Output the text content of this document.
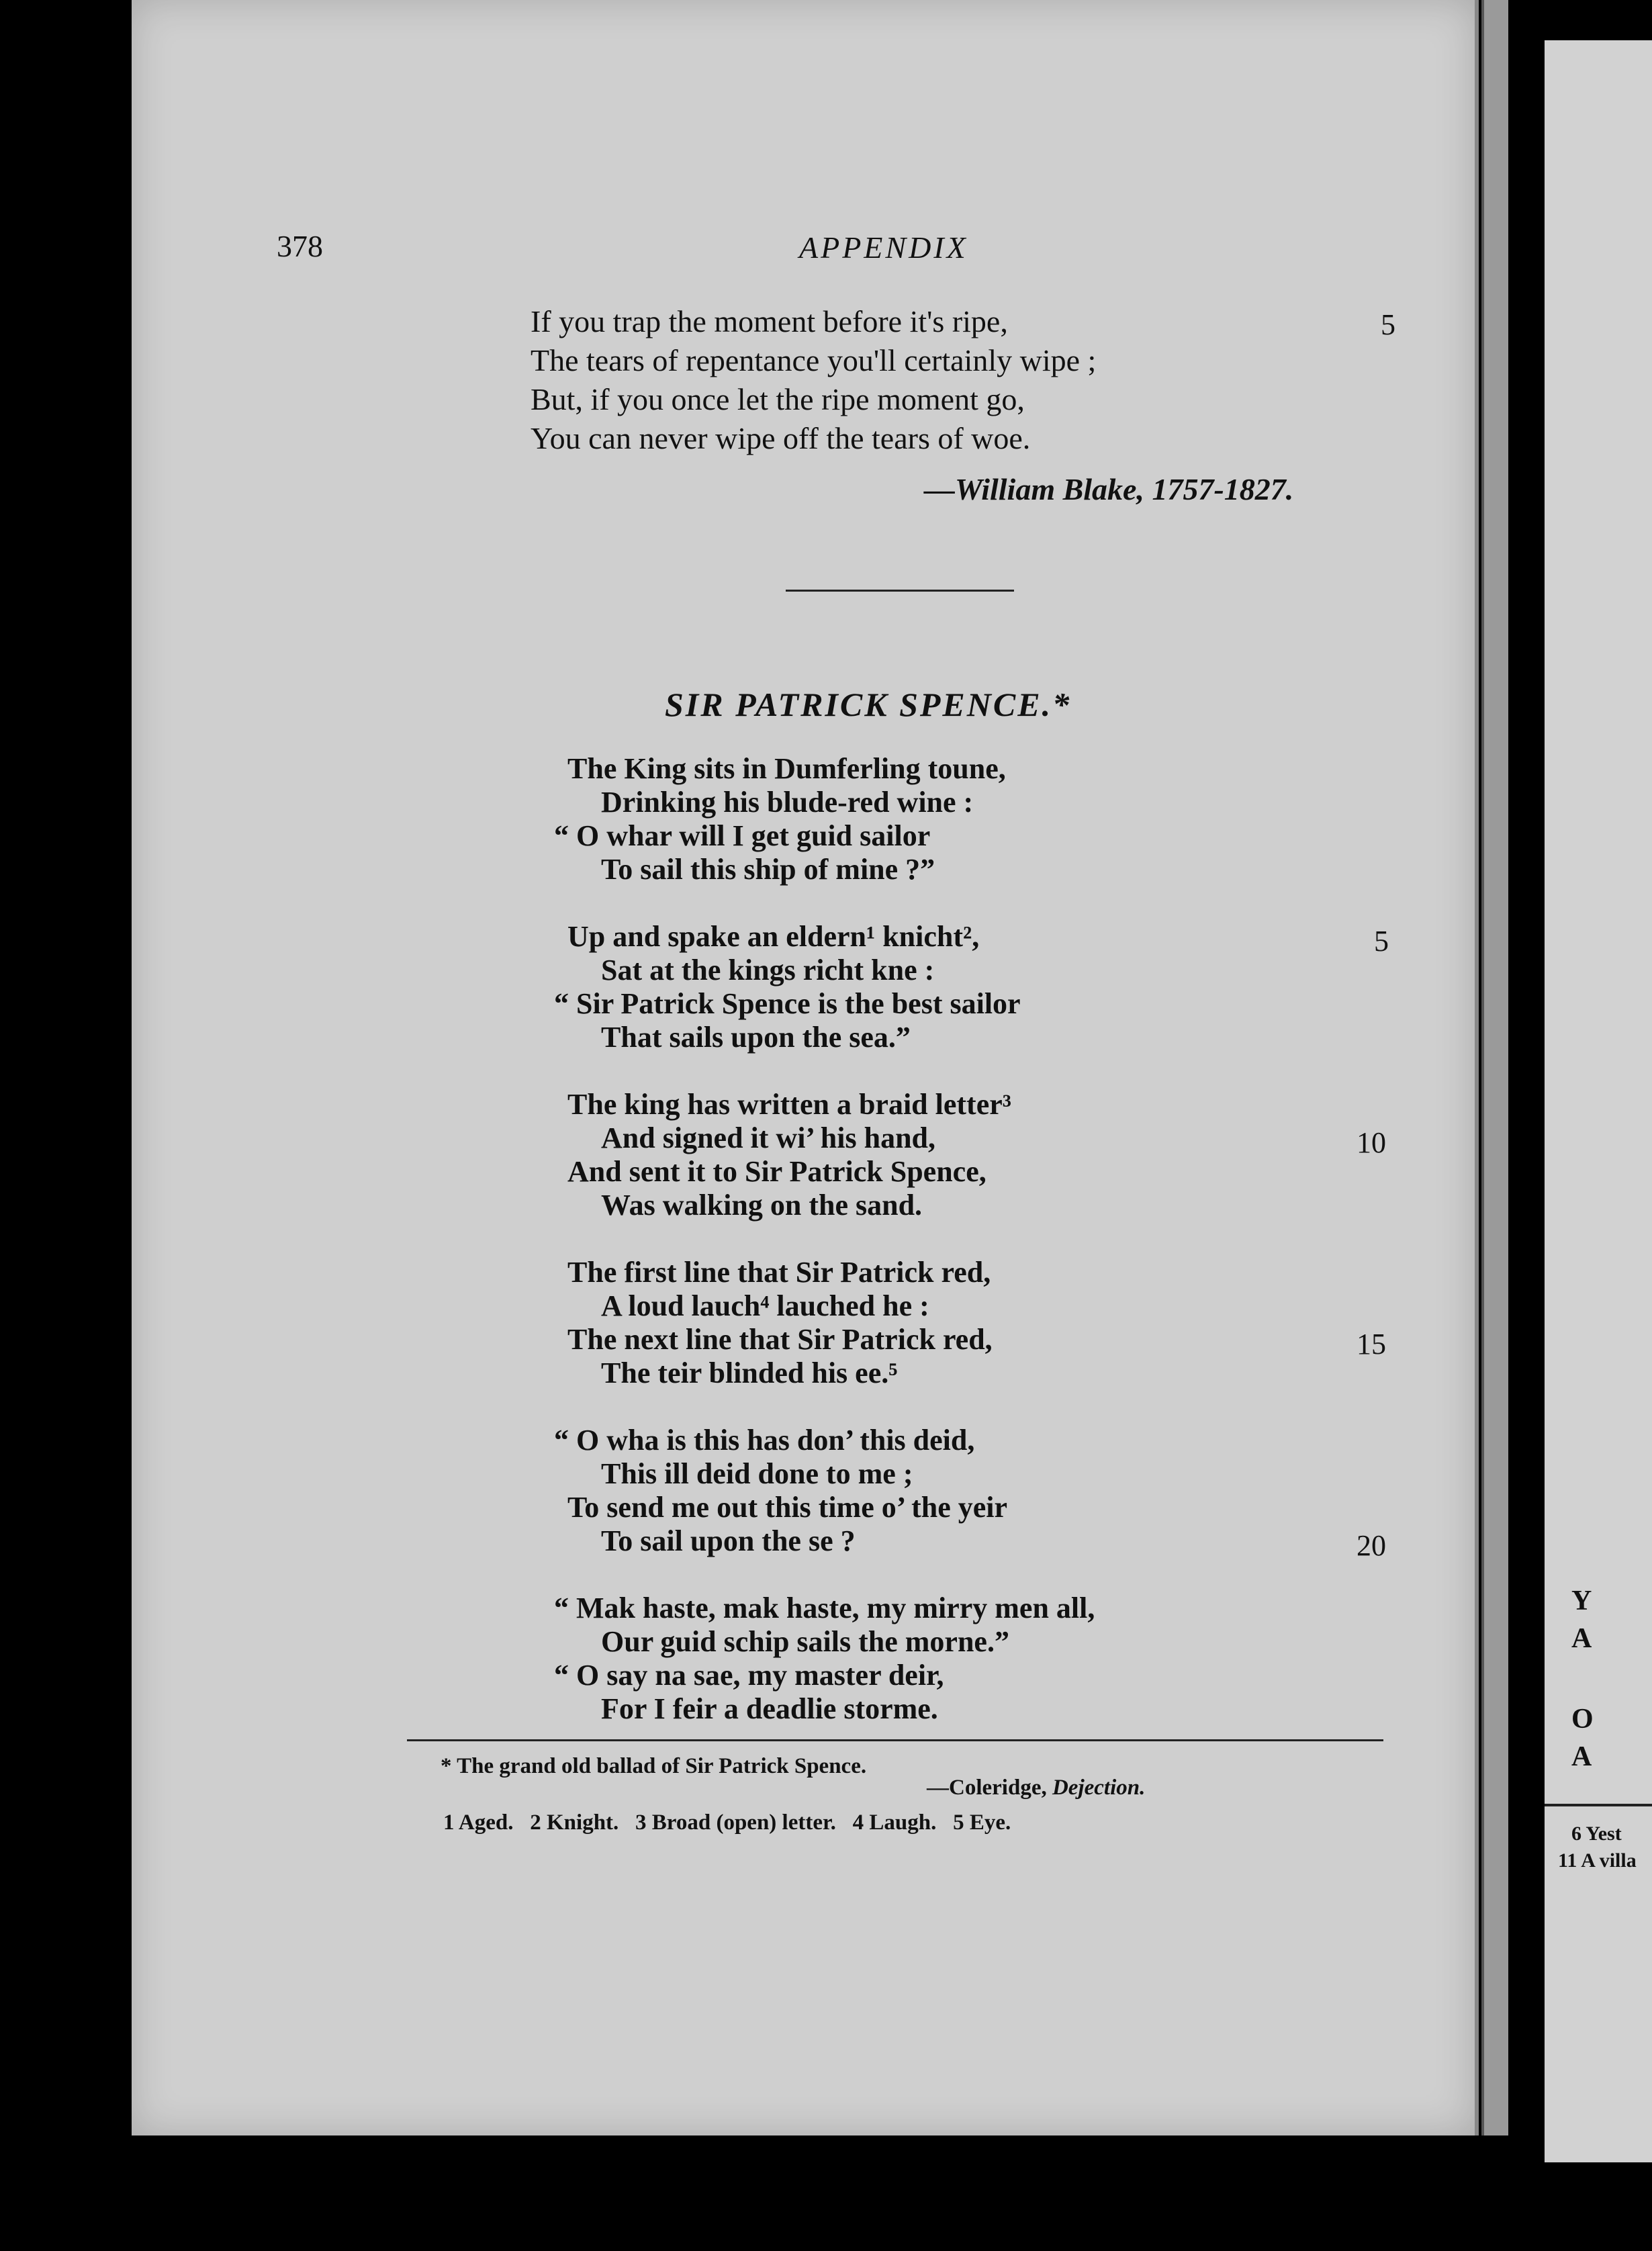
Y
A
O
A
6 Yest
11 A villa
378	APPENDIX
If you trap the moment before it's ripe,
The tears of repentance you'll certainly wipe ;
But, if you once let the ripe moment go,
You can never wipe off the tears of woe.
5
—William Blake, 1757-1827.
SIR PATRICK SPENCE.*
The King sits in Dumferling toune,
Drinking his blude-red wine :
“ O whar will I get guid sailor
To sail this ship of mine ?”
Up and spake an eldern¹ knicht²,
Sat at the kings richt kne :
“ Sir Patrick Spence is the best sailor
That sails upon the sea.”
5
The king has written a braid letter³
And signed it wi’ his hand,
And sent it to Sir Patrick Spence,
Was walking on the sand.
10
The first line that Sir Patrick red,
A loud lauch⁴ lauched he :
The next line that Sir Patrick red,
The teir blinded his ee.⁵
15
“ O wha is this has don’ this deid,
This ill deid done to me ;
To send me out this time o’ the yeir
To sail upon the se ?	20
“ Mak haste, mak haste, my mirry men all,
Our guid schip sails the morne.”
“ O say na sae, my master deir,
For I feir a deadlie storme.
* The grand old ballad of Sir Patrick Spence.
—Coleridge, Dejection.
1 Aged.   2 Knight.   3 Broad (open) letter.   4 Laugh.   5 Eye.
